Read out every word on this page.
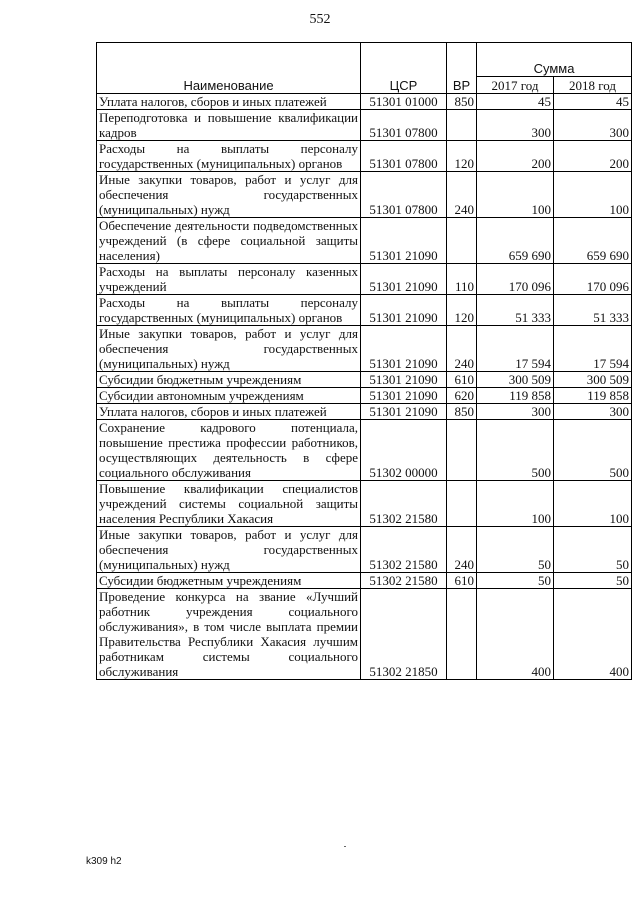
552
Наименование	ЦСР	ВР	Сумма	
			2017 год	2018 год
Уплата налогов, сборов и иных платежей	51301 01000	850	45	45
Переподготовка и повышение квалификации кадров	51301 07800		300	300
Расходы на выплаты персоналу государственных (муниципальных) органов	51301 07800	120	200	200
Иные закупки товаров, работ и услуг для обеспечения государственных (муниципальных) нужд	51301 07800	240	100	100
Обеспечение деятельности подведомственных учреждений (в сфере социальной защиты населения)	51301 21090		659 690	659 690
Расходы на выплаты персоналу казенных учреждений	51301 21090	110	170 096	170 096
Расходы на выплаты персоналу государственных (муниципальных) органов	51301 21090	120	51 333	51 333
Иные закупки товаров, работ и услуг для обеспечения государственных (муниципальных) нужд	51301 21090	240	17 594	17 594
Субсидии бюджетным учреждениям	51301 21090	610	300 509	300 509
Субсидии автономным учреждениям	51301 21090	620	119 858	119 858
Уплата налогов, сборов и иных платежей	51301 21090	850	300	300
Сохранение кадрового потенциала, повышение престижа профессии работников, осуществляющих деятельность в сфере социального обслуживания	51302 00000		500	500
Повышение квалификации специалистов учреждений системы социальной защиты населения Республики Хакасия	51302 21580		100	100
Иные закупки товаров, работ и услуг для обеспечения государственных (муниципальных) нужд	51302 21580	240	50	50
Субсидии бюджетным учреждениям	51302 21580	610	50	50
Проведение конкурса на звание «Лучший работник учреждения социального обслуживания», в том числе выплата премии Правительства Республики Хакасия лучшим работникам системы социального обслуживания	51302 21850		400	400
k309 h2
